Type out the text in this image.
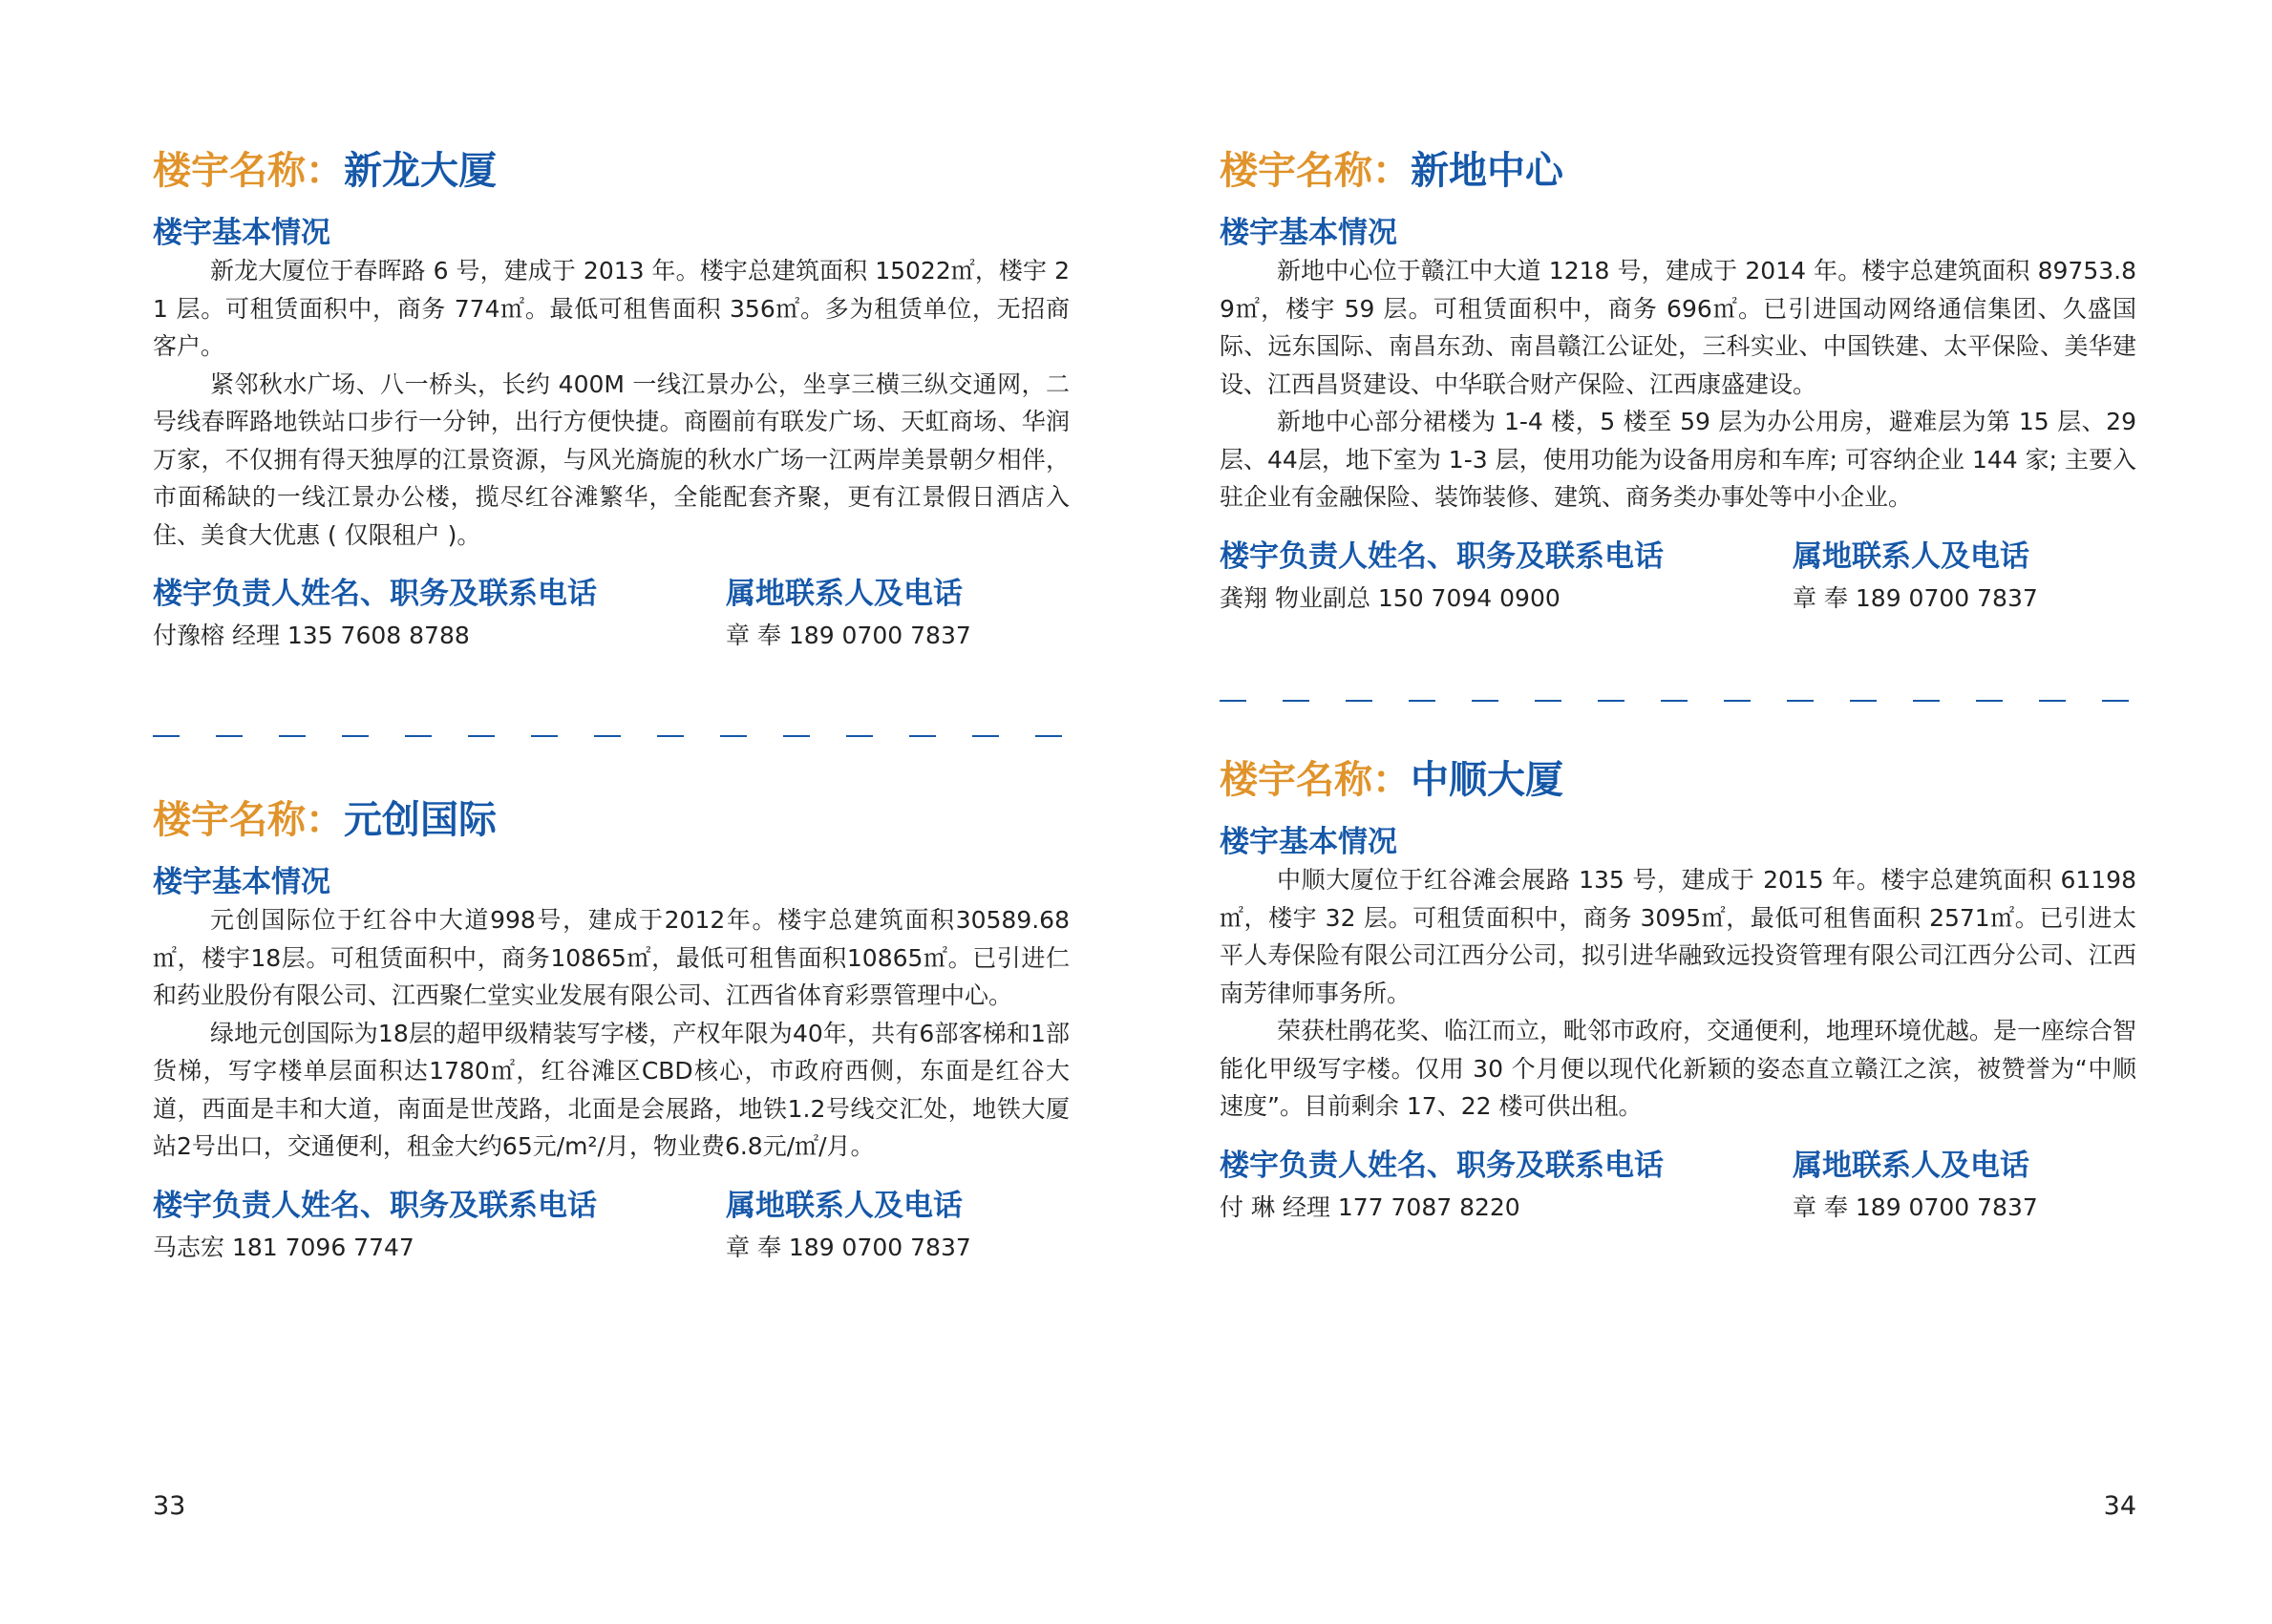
楼宇名称：新龙大厦
楼宇基本情况

新龙大厦位于春晖路 6 号，建成于 2013 年。楼宇总建筑面积 15022㎡，楼宇 21 层。可租赁面积中，商务 774㎡。最低可租售面积 356㎡。多为租赁单位，无招商客户。

紧邻秋水广场、八一桥头，长约 400M 一线江景办公，坐享三横三纵交通网，二号线春晖路地铁站口步行一分钟，出行方便快捷。商圈前有联发广场、天虹商场、华润万家，不仅拥有得天独厚的江景资源，与风光旖旎的秋水广场一江两岸美景朝夕相伴，市面稀缺的一线江景办公楼，揽尽红谷滩繁华，全能配套齐聚，更有江景假日酒店入住、美食大优惠 ( 仅限租户 )。

楼宇负责人姓名、职务及联系电话
付豫榕 经理 135 7608 8788
属地联系人及电话
章 奉 189 0700 7837
楼宇名称：元创国际
楼宇基本情况

元创国际位于红谷中大道998号，建成于2012年。楼宇总建筑面积30589.68㎡，楼宇18层。可租赁面积中，商务10865㎡，最低可租售面积10865㎡。已引进仁和药业股份有限公司、江西聚仁堂实业发展有限公司、江西省体育彩票管理中心。

绿地元创国际为18层的超甲级精装写字楼，产权年限为40年，共有6部客梯和1部货梯，写字楼单层面积达1780㎡，红谷滩区CBD核心，市政府西侧，东面是红谷大道，西面是丰和大道，南面是世茂路，北面是会展路，地铁1.2号线交汇处，地铁大厦站2号出口，交通便利，租金大约65元/m²/月，物业费6.8元/㎡/月。

楼宇负责人姓名、职务及联系电话
马志宏 181 7096 7747
属地联系人及电话
章 奉 189 0700 7837
楼宇名称：新地中心
楼宇基本情况

新地中心位于赣江中大道 1218 号，建成于 2014 年。楼宇总建筑面积 89753.89㎡，楼宇 59 层。可租赁面积中，商务 696㎡。已引进国动网络通信集团、久盛国际、远东国际、南昌东劲、南昌赣江公证处，三科实业、中国铁建、太平保险、美华建设、江西昌贤建设、中华联合财产保险、江西康盛建设。

新地中心部分裙楼为 1-4 楼，5 楼至 59 层为办公用房，避难层为第 15 层、29层、44层，地下室为 1-3 层，使用功能为设备用房和车库; 可容纳企业 144 家; 主要入驻企业有金融保险、装饰装修、建筑、商务类办事处等中小企业。

楼宇负责人姓名、职务及联系电话
龚翔 物业副总 150 7094 0900
属地联系人及电话
章 奉 189 0700 7837
楼宇名称：中顺大厦
楼宇基本情况

中顺大厦位于红谷滩会展路 135 号，建成于 2015 年。楼宇总建筑面积 61198㎡，楼宇 32 层。可租赁面积中，商务 3095㎡，最低可租售面积 2571㎡。已引进太平人寿保险有限公司江西分公司，拟引进华融致远投资管理有限公司江西分公司、江西南芳律师事务所。

荣获杜鹃花奖、临江而立，毗邻市政府，交通便利，地理环境优越。是一座综合智能化甲级写字楼。仅用 30 个月便以现代化新颖的姿态直立赣江之滨，被赞誉为“中顺速度”。目前剩余 17、22 楼可供出租。

楼宇负责人姓名、职务及联系电话
付 琳 经理 177 7087 8220
属地联系人及电话
章 奉 189 0700 7837
33	34
